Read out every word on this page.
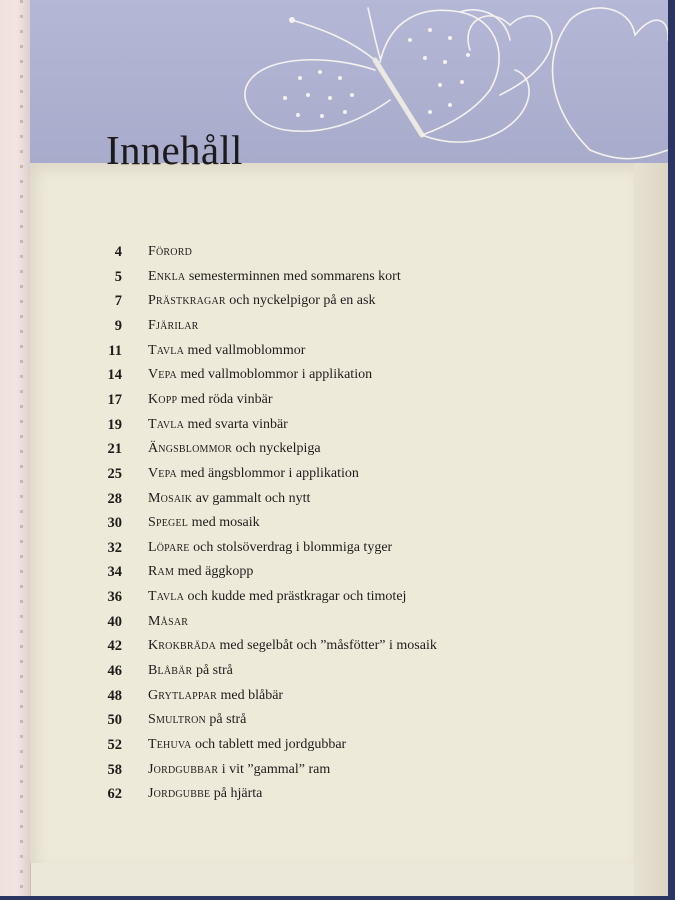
Innehåll
4 Förord
5 Enkla semesterminnen med sommarens kort
7 Prästkragar och nyckelpigor på en ask
9 Fjärilar
11 Tavla med vallmoblommor
14 Vepa med vallmoblommor i applikation
17 Kopp med röda vinbär
19 Tavla med svarta vinbär
21 Ängsblommor och nyckelpiga
25 Vepa med ängsblommor i applikation
28 Mosaik av gammalt och nytt
30 Spegel med mosaik
32 Löpare och stolsöverdrag i blommiga tyger
34 Ram med äggkopp
36 Tavla och kudde med prästkragar och timotej
40 Måsar
42 Krokbräda med segelbåt och ”måsfötter” i mosaik
46 Blåbär på strå
48 Grytlappar med blåbär
50 Smultron på strå
52 Tehuva och tablett med jordgubbar
58 Jordgubbar i vit ”gammal” ram
62 Jordgubbe på hjärta
